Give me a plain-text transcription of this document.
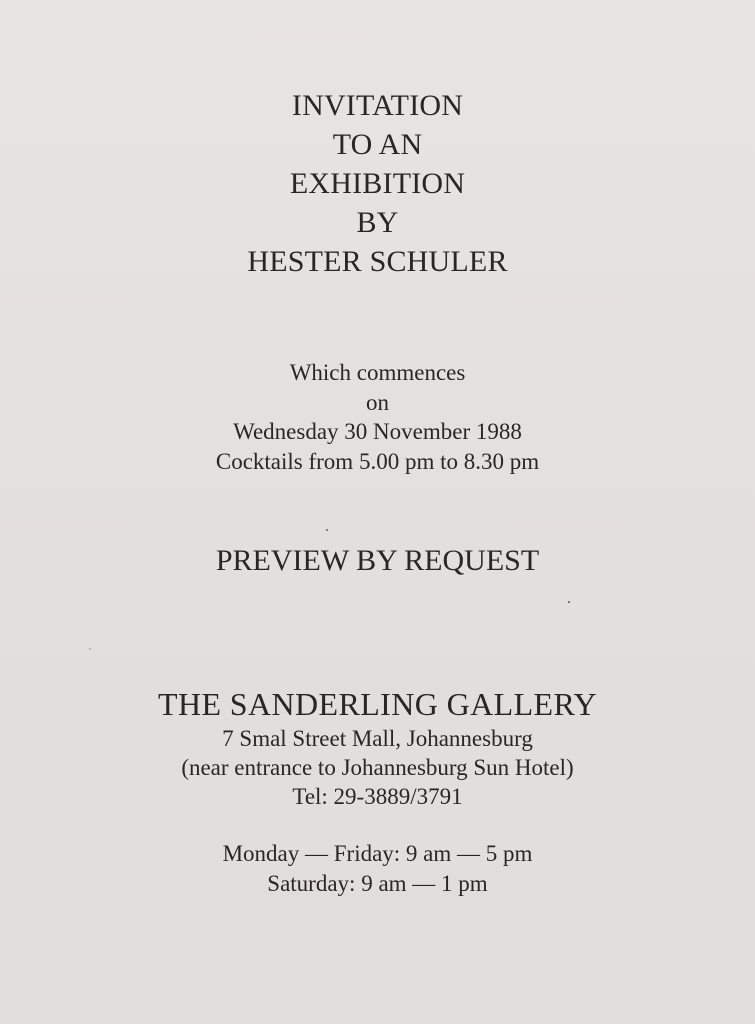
INVITATION
TO AN
EXHIBITION
BY
HESTER SCHULER
Which commences
on
Wednesday 30 November 1988
Cocktails from 5.00 pm to 8.30 pm
PREVIEW BY REQUEST
THE SANDERLING GALLERY
7 Smal Street Mall, Johannesburg
(near entrance to Johannesburg Sun Hotel)
Tel: 29-3889/3791
Monday — Friday: 9 am — 5 pm
Saturday: 9 am — 1 pm
